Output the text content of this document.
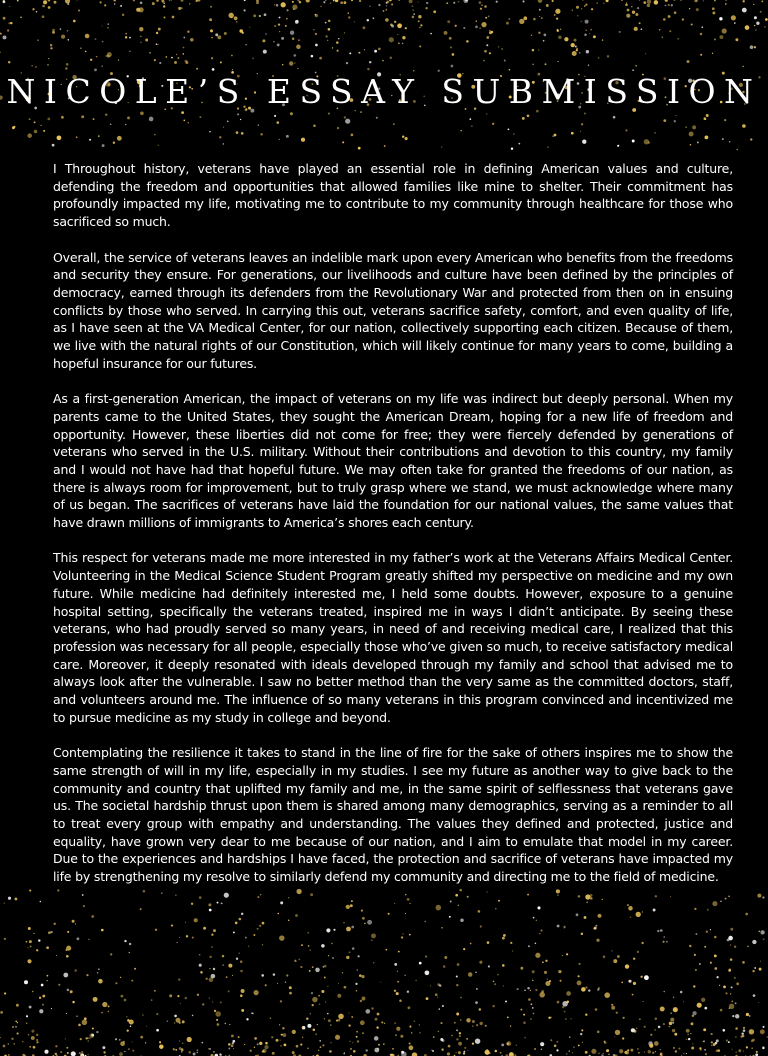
NICOLE’S ESSAY SUBMISSION

I Throughout history, veterans have played an essential role in defining American values and culture, defending the freedom and opportunities that allowed families like mine to shelter. Their commitment has profoundly impacted my life, motivating me to contribute to my community through healthcare for those who sacrificed so much.

Overall, the service of veterans leaves an indelible mark upon every American who benefits from the freedoms and security they ensure. For generations, our livelihoods and culture have been defined by the principles of democracy, earned through its defenders from the Revolutionary War and protected from then on in ensuing conflicts by those who served. In carrying this out, veterans sacrifice safety, comfort, and even quality of life, as I have seen at the VA Medical Center, for our nation, collectively supporting each citizen. Because of them, we live with the natural rights of our Constitution, which will likely continue for many years to come, building a hopeful insurance for our futures.

As a first-generation American, the impact of veterans on my life was indirect but deeply personal. When my parents came to the United States, they sought the American Dream, hoping for a new life of freedom and opportunity. However, these liberties did not come for free; they were fiercely defended by generations of veterans who served in the U.S. military. Without their contributions and devotion to this country, my family and I would not have had that hopeful future. We may often take for granted the freedoms of our nation, as there is always room for improvement, but to truly grasp where we stand, we must acknowledge where many of us began. The sacrifices of veterans have laid the foundation for our national values, the same values that have drawn millions of immigrants to America’s shores each century.

This respect for veterans made me more interested in my father’s work at the Veterans Affairs Medical Center. Volunteering in the Medical Science Student Program greatly shifted my perspective on medicine and my own future. While medicine had definitely interested me, I held some doubts. However, exposure to a genuine hospital setting, specifically the veterans treated, inspired me in ways I didn’t anticipate. By seeing these veterans, who had proudly served so many years, in need of and receiving medical care, I realized that this profession was necessary for all people, especially those who’ve given so much, to receive satisfactory medical care. Moreover, it deeply resonated with ideals developed through my family and school that advised me to always look after the vulnerable. I saw no better method than the very same as the committed doctors, staff, and volunteers around me. The influence of so many veterans in this program convinced and incentivized me to pursue medicine as my study in college and beyond.

Contemplating the resilience it takes to stand in the line of fire for the sake of others inspires me to show the same strength of will in my life, especially in my studies. I see my future as another way to give back to the community and country that uplifted my family and me, in the same spirit of selflessness that veterans gave us. The societal hardship thrust upon them is shared among many demographics, serving as a reminder to all to treat every group with empathy and understanding. The values they defined and protected, justice and equality, have grown very dear to me because of our nation, and I aim to emulate that model in my career. Due to the experiences and hardships I have faced, the protection and sacrifice of veterans have impacted my life by strengthening my resolve to similarly defend my community and directing me to the field of medicine.
